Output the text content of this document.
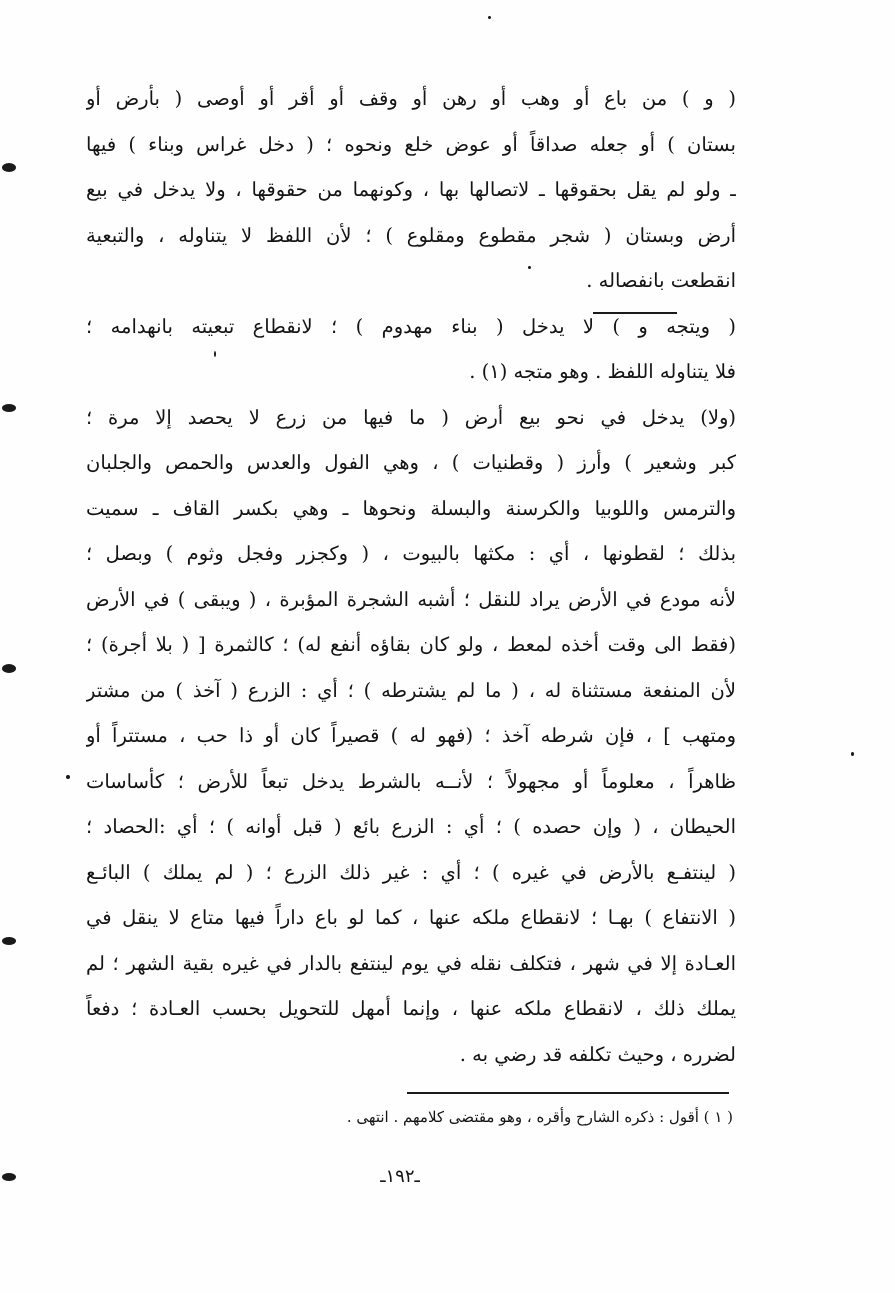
( و ) من باع أو وهب أو رهن أو وقف أو أقر أو أوصى ( بأرض أو
بستان ) أو جعله صداقاً أو عوض خلع ونحوه ؛ ( دخل غراس وبناء ) فيها
ـ ولو لم يقل بحقوقها ـ لاتصالها بها ، وكونهما من حقوقها ، ولا يدخل في بيع
أرض وبستان ( شجر مقطوع ومقلوع ) ؛ لأن اللفظ لا يتناوله ، والتبعية
انقطعت بانفصاله .
( ويتجه و ) لا يدخل ( بناء مهدوم ) ؛ لانقطاع تبعيته بانهدامه ؛
فلا يتناوله اللفظ . وهو متجه (١) .
(ولا) يدخل في نحو بيع أرض ( ما فيها من زرع لا يحصد إلا مرة ؛
كبر وشعير ) وأرز ( وقطنيات ) ، وهي الفول والعدس والحمص والجلبان
والترمس واللوبيا والكرسنة والبسلة ونحوها ـ وهي بكسر القاف ـ سميت
بذلك ؛ لقطونها ، أي : مكثها بالبيوت ، ( وكجزر وفجل وثوم ) وبصل ؛
لأنه مودع في الأرض يراد للنقل ؛ أشبه الشجرة المؤبرة ، ( ويبقى ) في الأرض
(فقط الى وقت أخذه لمعط ، ولو كان بقاؤه أنفع له) ؛ كالثمرة [ ( بلا أجرة) ؛
لأن المنفعة مستثناة له ، ( ما لم يشترطه ) ؛ أي : الزرع ( آخذ ) من مشتر
ومتهب ] ، فإن شرطه آخذ ؛ (فهو له ) قصيراً كان أو ذا حب ، مستتراً أو
ظاهراً ، معلوماً أو مجهولاً ؛ لأنــه بالشرط يدخل تبعاً للأرض ؛ كأساسات
الحيطان ، ( وإن حصده ) ؛ أي : الزرع بائع ( قبل أوانه ) ؛ أي :الحصاد ؛
( لينتفـع بالأرض في غيره ) ؛ أي : غير ذلك الزرع ؛ ( لم يملك ) البائـع
( الانتفاع ) بهـا ؛ لانقطاع ملكه عنها ، كما لو باع داراً فيها متاع لا ينقل في
العـادة إلا في شهر ، فتكلف نقله في يوم لينتفع بالدار في غيره بقية الشهر ؛ لم
يملك ذلك ، لانقطاع ملكه عنها ، وإنما أمهل للتحويل بحسب العـادة ؛ دفعاً
لضرره ، وحيث تكلفه قد رضي به .
( ١ ) أقول : ذكره الشارح وأقره ، وهو مقتضى كلامهم . انتهى .
ـ١٩٢ـ
